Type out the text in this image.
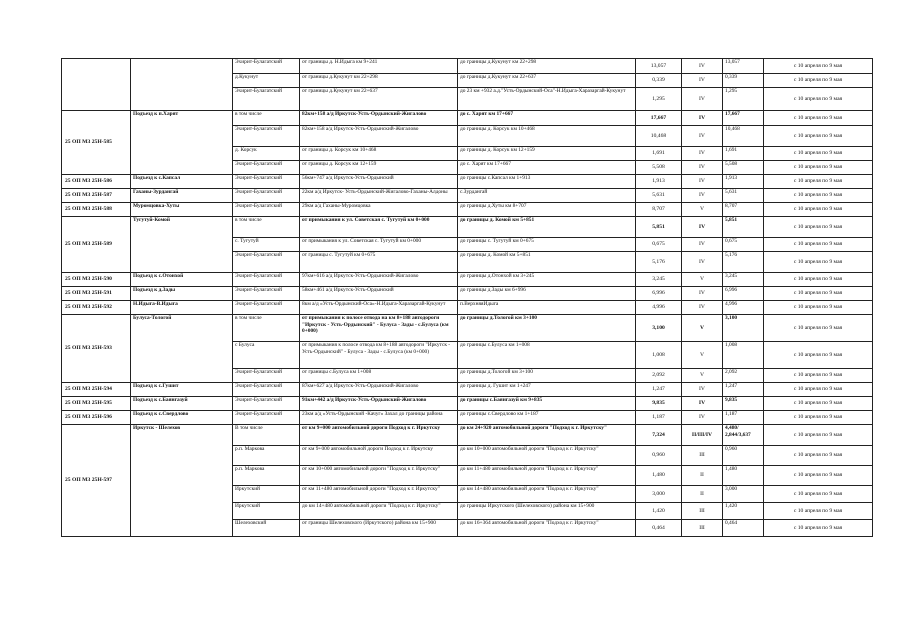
		Эхирит-Булагатский	от границы д. Н.Идыга км 9+241	до границы д.Кукунут км 22+298	13,057	IV	13,057	с 10 апреля по 9 мая
		д.Кукунут	от границы д.Кукунут км 22+298	до границы д.Кукунут км 22+637	0,339	IV	0,339	с 10 апреля по 9 мая
		Эхирит-Булагатский	от границы д.Кукунут км 22+637	до 23 км +932 а.д."Усть-Ордынский-Оса"-Н.Идыга-Харазаргай-Кукунут	1,295	IV	1,295	с 10 апреля по 9 мая
25 ОП МЗ 25Н-585	Подъезд к п.Харят	в том числе	82км+158 а/д Иркутск-Усть-Ордынский-Жигалово	до с. Харят км 17+667	17,667	IV	17,667	с 10 апреля по 9 мая
		Эхирит-Булагатский	82км+158 а/д Иркутск-Усть-Ордынский-Жигалово	до границы д. Корсук км 10+468	10,468	IV	10,468	с 10 апреля по 9 мая
		д. Корсук	от границы д. Корсук км 10+468	до границы д. Корсук км 12+159	1,691	IV	1,691	с 10 апреля по 9 мая
		Эхирит-Булагатский	от границы д. Корсук км 12+159	до с. Харят км 17+667	5,508	IV	5,508	с 10 апреля по 9 мая
25 ОП МЗ 25Н-586	Подъезд к с.Капсал	Эхирит-Булагатский	56км+747 а/д Иркутск-Усть-Ордынский	до границы с.Капсал км 1+913	1,913	IV	1,913	с 10 апреля по 9 мая
25 ОП МЗ 25Н-587	Гаханы-Зурдангай	Эхирит-Булагатский	22км а/д Иркутск- Усть-Ордынский-Жигалово-Гаханы-Алдоны	с.Зурдангай	5,631	IV	5,631	с 10 апреля по 9 мая
25 ОП МЗ 25Н-588	Муромцовка-Хуты	Эхирит-Булагатский	29км а/д Гаханы-Муромцовка	до границы д.Хуты км 8+707	8,707	V	8,707	с 10 апреля по 9 мая
25 ОП МЗ 25Н-589	Тугутуй-Комой	в том числе	от примыкания к ул. Советская с. Тугутуй км 0+000	до границы д. Комой км 5+851	5,851	IV	5,851	с 10 апреля по 9 мая
		с. Тугутуй	от примыкания к ул. Советская с. Тугутуй км 0+000	до границы с. Тугутуй км 0+675	0,675	IV	0,675	с 10 апреля по 9 мая
		Эхирит-Булагатский	от границы с. Тугутуй км 0+675	до границы д. Комой км 5+851	5,176	IV	5,176	с 10 апреля по 9 мая
25 ОП МЗ 25Н-590	Подъезд к с.Отонхой	Эхирит-Булагатский	97км+616 а/д Иркутск-Усть-Ордынский-Жигалово	до границы д.Отонхой км 3+245	3,245	V	3,245	с 10 апреля по 9 мая
25 ОП МЗ 25Н-591	Подъезд к д.Зады	Эхирит-Булагатский	58км+461 а/д Иркутск-Усть-Ордынский	до границы д.Зады км 6+996	6,996	IV	6,996	с 10 апреля по 9 мая
25 ОП МЗ 25Н-592	Н.Идыга-В.Идыга	Эхирит-Булагатский	8км а/д «Усть-Ордынский-Оса»-Н.Идыга-Харазаргай-Кукунут	п.ВерхняяИдыга	4,996	IV	4,996	с 10 апреля по 9 мая
25 ОП МЗ 25Н-593	Булуса-Тологой	в том числе	от примыкания к полосе отвода на км 8+188 автодороги "Иркутск - Усть-Ордынский" - Булуса - Зады - с.Булуса (км 0+000)	до границы д.Тологой км 3+100	3,100	V	3,100	с 10 апреля по 9 мая
		с Булуса	от примыкания к полосе отвода км 8+188 автодороги "Иркутск - Усть-Ордынский" - Булуса - Зады - с.Булуса (км 0+000)	до границы с.Булуса км 1+008	1,008	V	1,008	с 10 апреля по 9 мая
		Эхирит-Булагатский	от границы с.Булуса км 1+008	до границы д.Тологой км 3+100	2,092	V	2,092	с 10 апреля по 9 мая
25 ОП МЗ 25Н-594	Подъезд к с.Гушит	Эхирит-Булагатский	87км+627 а/д Иркутск-Усть-Ордынский-Жигалово	до границы д. Гушит км 1+247	1,247	IV	1,247	с 10 апреля по 9 мая
25 ОП МЗ 25Н-595	Подъезд к с.Баянгазуй	Эхирит-Булагатский	91км+442 а/д Иркутск-Усть-Ордынский-Жигалово	до границы с.Баянгазуй км 9+835	9,835	IV	9,835	с 10 апреля по 9 мая
25 ОП МЗ 25Н-596	Подъезд к с.Свердлово	Эхирит-Булагатский	23км а/д «Усть-Ордынский -Качуг» Захал до границы района	до границы с.Свердлово км 1+187	1,187	IV	1,187	с 10 апреля по 9 мая
25 ОП МЗ 25Н-597	Иркутск - Шелехов	В том числе	от км 9+000 автомобильной дороги Подход к г. Иркутску	до км 24+920 автомобильной дороги "Подход к г. Иркутску"	7,324	II/III/IV	4,480/ 2,844/3,637	с 10 апреля по 9 мая
		р.п. Маркова	от км 9+000 автомобильной дороги Подход к г. Иркутску	до км 10+000 автомобильной дороги "Подход к г. Иркутску"	0,960	III	0,960	с 10 апреля по 9 мая
		р.п. Маркова	от км 10+000 автомобильной дороги "Подход к г. Иркутску"	до км 11+480 автомобильной дороги "Подход к г. Иркутску"	1,480	II	1,480	с 10 апреля по 9 мая
		Иркутский	от км 11+480 автомобильной дороги "Подход к г. Иркутску"	до км 14+480 автомобильной дороги "Подход к г. Иркутску"	3,000	II	3,000	с 10 апреля по 9 мая
		Иркутский	до км 14+480 автомобильной дороги "Подход к г. Иркутску"	до границы Иркутского (Шелеховского) района км 15+900	1,420	III	1,420	с 10 апреля по 9 мая
		Шелеховский	от границы Шелеховского (Иркутского) района км 15+900	до км 16+364 автомобильной дороги "Подход к г. Иркутску"	0,464	III	0,464	с 10 апреля по 9 мая
